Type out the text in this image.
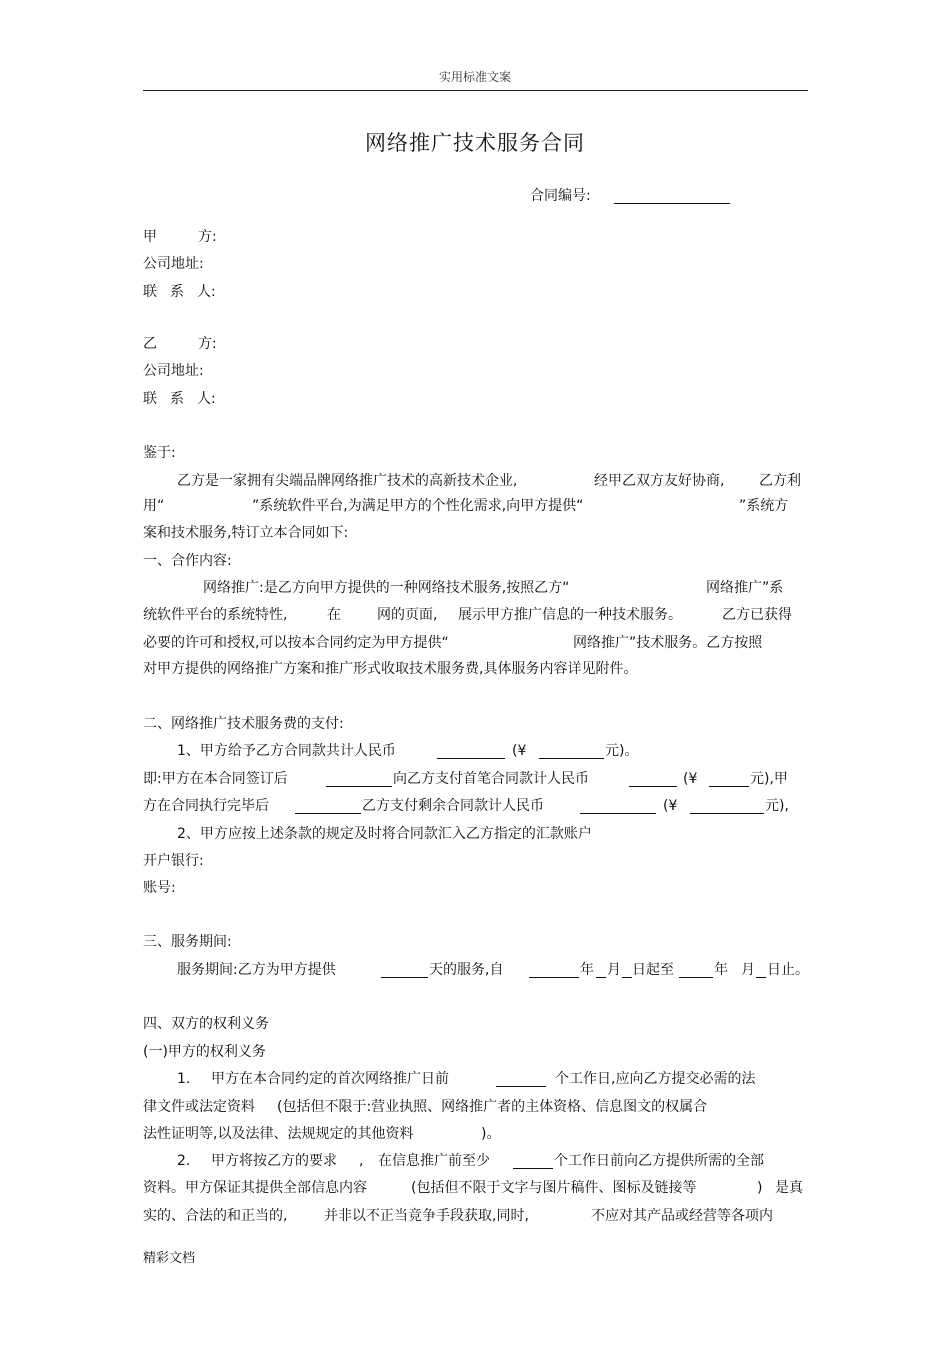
实用标准文案
网络推广技术服务合同
合同编号:
甲	方:
公司地址:
联 系 人:
乙	方:
公司地址:
联 系 人:
鉴于:
乙方是一家拥有尖端品牌网络推广技术的高新技术企业,	经甲乙双方友好协商, 乙方利
用“	”系统软件平台,为满足甲方的个性化需求,向甲方提供“	”系统方
案和技术服务,特订立本合同如下:
一、合作内容:
网络推广:是乙方向甲方提供的一种网络技术服务,按照乙方“	网络推广”系
统软件平台的系统特性,	在	网的页面, 展示甲方推广信息的一种技术服务。	乙方已获得
必要的许可和授权,可以按本合同约定为甲方提供“	网络推广”技术服务。乙方按照
对甲方提供的网络推广方案和推广形式收取技术服务费,具体服务内容详见附件。
二、网络推广技术服务费的支付:
1、甲方给予乙方合同款共计人民币	(¥	元)。
即:甲方在本合同签订后	向乙方支付首笔合同款计人民币	(¥	元),甲
方在合同执行完毕后	乙方支付剩余合同款计人民币	(¥	元),
2、甲方应按上述条款的规定及时将合同款汇入乙方指定的汇款账户
开户银行:
账号:
三、服务期间:
服务期间:乙方为甲方提供	天的服务,自	年 月 日起至	年 月 日止。
四、双方的权利义务
(一)甲方的权利义务
1. 甲方在本合同约定的首次网络推广日前	个工作日,应向乙方提交必需的法
律文件或法定资料 (包括但不限于:营业执照、网络推广者的主体资格、信息图文的权属合
法性证明等,以及法律、法规规定的其他资料	)。
2. 甲方将按乙方的要求 , 在信息推广前至少	个工作日前向乙方提供所需的全部
资料。甲方保证其提供全部信息内容	(包括但不限于文字与图片稿件、图标及链接等	) 是真
实的、合法的和正当的,	并非以不正当竞争手段获取,同时,	不应对其产品或经营等各项内
精彩文档
